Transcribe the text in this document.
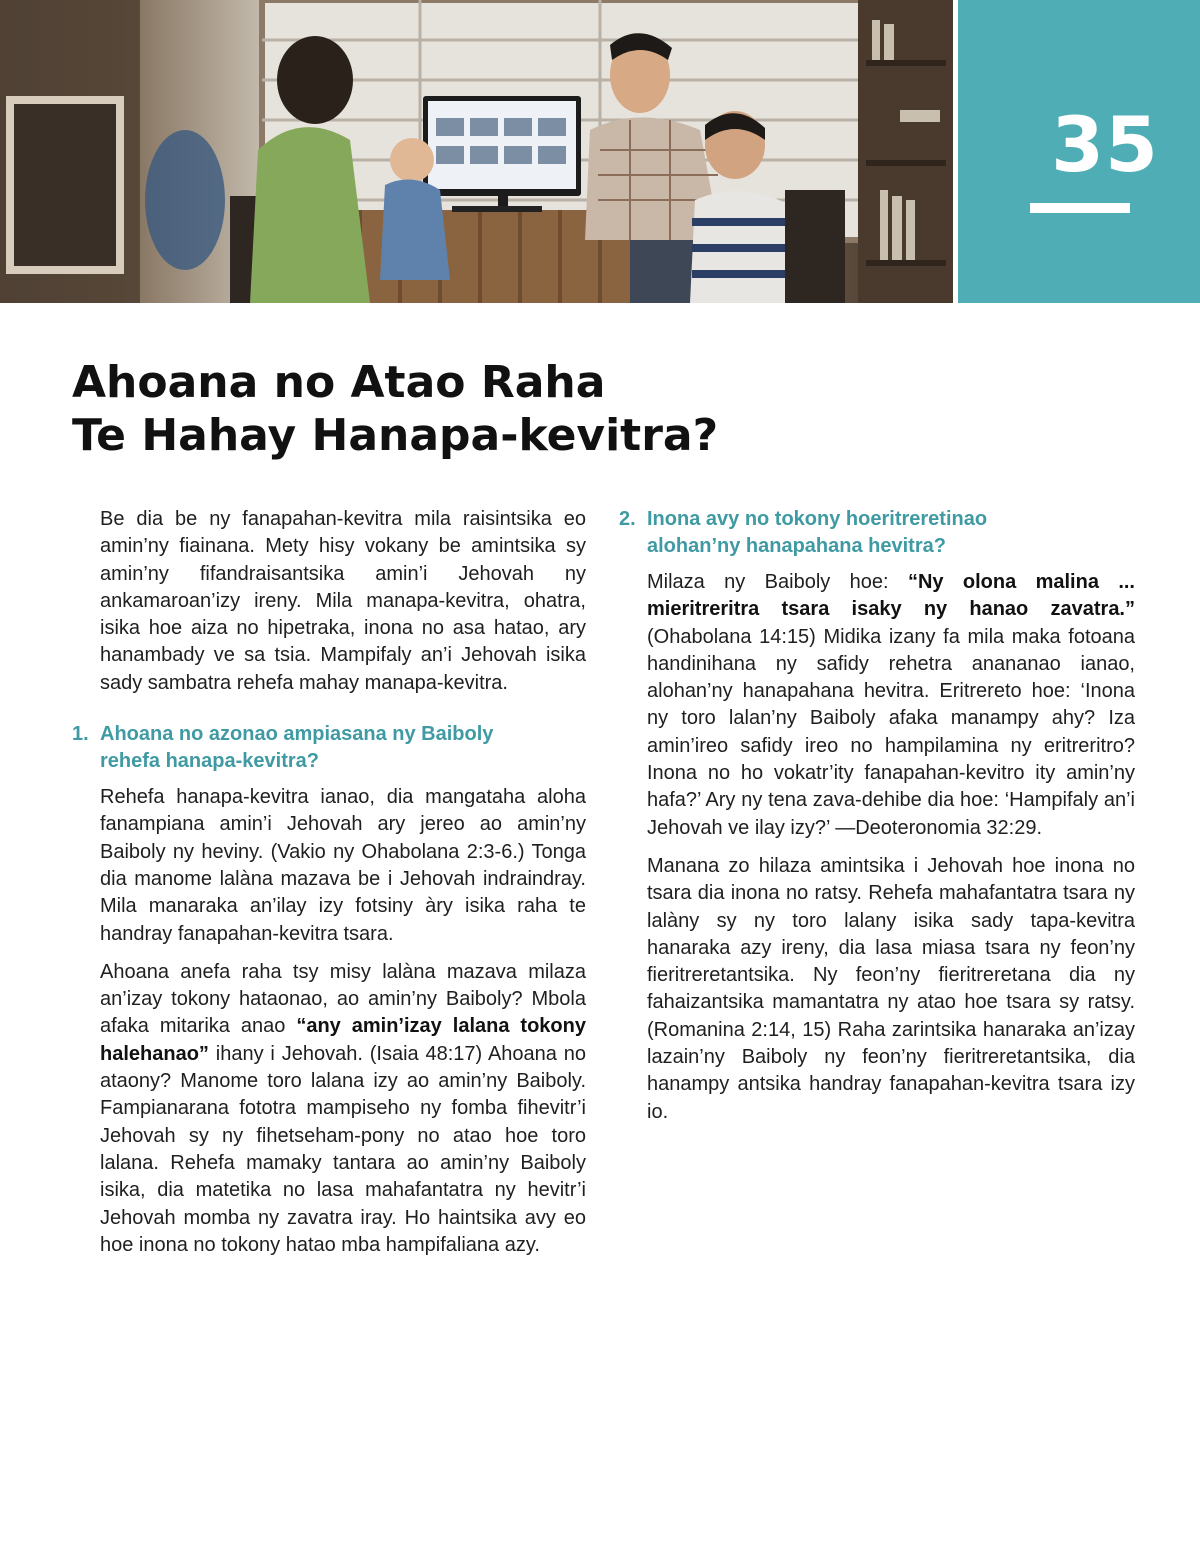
35
Ahoana no Atao Raha
Te Hahay Hanapa-kevitra?

Be dia be ny fanapahan-kevitra mila raisintsika eo amin’ny fiainana. Mety hisy vokany be amintsika sy amin’ny fifandraisantsika amin’i Jehovah ny ankamaroan’izy ireny. Mila manapa-kevitra, ohatra, isika hoe aiza no hipetraka, inona no asa hatao, ary hanambady ve sa tsia. Mampifaly an’i Jehovah isika sady sambatra rehefa mahay manapa-kevitra.

1. Ahoana no azonao ampiasana ny Baiboly
rehefa hanapa-kevitra?

Rehefa hanapa-kevitra ianao, dia mangataha aloha fanampiana amin’i Jehovah ary jereo ao amin’ny Baiboly ny heviny. (Vakio ny Ohabolana 2:3-6.) Tonga dia manome lalàna mazava be i Jehovah indraindray. Mila manaraka an’ilay izy fotsiny àry isika raha te handray fanapahan-kevitra tsara.

Ahoana anefa raha tsy misy lalàna mazava milaza an’izay tokony hataonao, ao amin’ny Baiboly? Mbola afaka mitarika anao “any amin’izay lalana tokony halehanao” ihany i Jehovah. (Isaia 48:17) Ahoana no ataony? Manome toro lalana izy ao amin’ny Baiboly. Fampianarana fototra mampiseho ny fomba fihevitr’i Jehovah sy ny fihetseham-pony no atao hoe toro lalana. Rehefa mamaky tantara ao amin’ny Baiboly isika, dia matetika no lasa mahafantatra ny hevitr’i Jehovah momba ny zavatra iray. Ho haintsika avy eo hoe inona no tokony hatao mba hampifaliana azy.

2. Inona avy no tokony hoeritreretinao
alohan’ny hanapahana hevitra?

Milaza ny Baiboly hoe: “Ny olona malina ... mieritreritra tsara isaky ny hanao zavatra.” (Ohabolana 14:15) Midika izany fa mila maka fotoana handinihana ny safidy rehetra anananao ianao, alohan’ny hanapahana hevitra. Eritrereto hoe: ‘Inona ny toro lalan’ny Baiboly afaka manampy ahy? Iza amin’ireo safidy ireo no hampilamina ny eritreritro? Inona no ho vokatr’ity fanapahan-kevitro ity amin’ny hafa?’ Ary ny tena zava-dehibe dia hoe: ‘Hampifaly an’i Jehovah ve ilay izy?’ —Deoteronomia 32:29.

Manana zo hilaza amintsika i Jehovah hoe inona no tsara dia inona no ratsy. Rehefa mahafantatra tsara ny lalàny sy ny toro lalany isika sady tapa-kevitra hanaraka azy ireny, dia lasa miasa tsara ny feon’ny fieritreretantsika. Ny feon’ny fieritreretana dia ny fahaizantsika mamantatra ny atao hoe tsara sy ratsy. (Romanina 2:14, 15) Raha zarintsika hanaraka an’izay lazain’ny Baiboly ny feon’ny fieritreretantsika, dia hanampy antsika handray fanapahan-kevitra tsara izy io.
